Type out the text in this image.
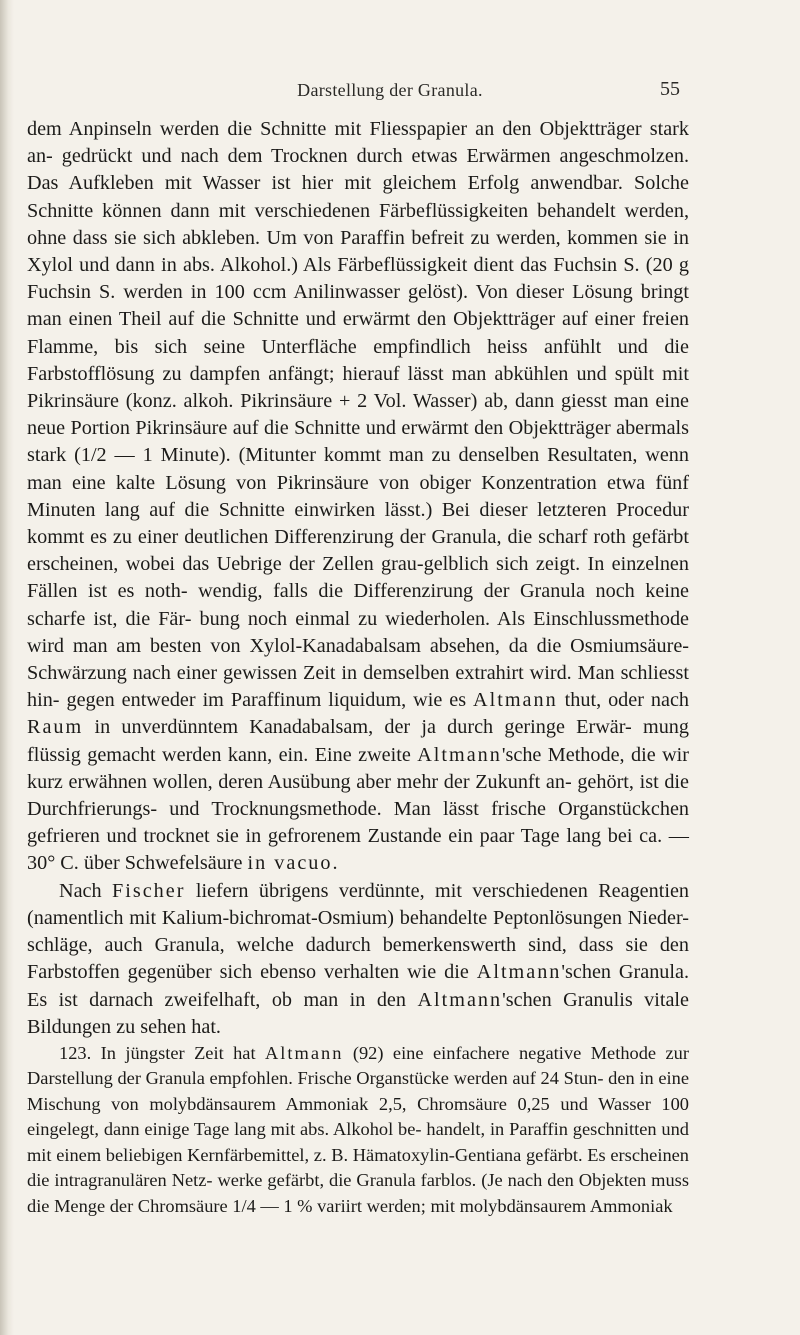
Darstellung der Granula.	55

dem Anpinseln werden die Schnitte mit Fliesspapier an den Objektträger stark an- gedrückt und nach dem Trocknen durch etwas Erwärmen angeschmolzen. Das Aufkleben mit Wasser ist hier mit gleichem Erfolg anwendbar. Solche Schnitte können dann mit verschiedenen Färbeflüssigkeiten behandelt werden, ohne dass sie sich abkleben. Um von Paraffin befreit zu werden, kommen sie in Xylol und dann in abs. Alkohol.) Als Färbeflüssigkeit dient das Fuchsin S. (20 g Fuchsin S. werden in 100 ccm Anilinwasser gelöst). Von dieser Lösung bringt man einen Theil auf die Schnitte und erwärmt den Objektträger auf einer freien Flamme, bis sich seine Unterfläche empfindlich heiss anfühlt und die Farbstofflösung zu dampfen anfängt; hierauf lässt man abkühlen und spült mit Pikrinsäure (konz. alkoh. Pikrinsäure + 2 Vol. Wasser) ab, dann giesst man eine neue Portion Pikrinsäure auf die Schnitte und erwärmt den Objektträger abermals stark (1/2 — 1 Minute). (Mitunter kommt man zu denselben Resultaten, wenn man eine kalte Lösung von Pikrinsäure von obiger Konzentration etwa fünf Minuten lang auf die Schnitte einwirken lässt.) Bei dieser letzteren Procedur kommt es zu einer deutlichen Differenzirung der Granula, die scharf roth gefärbt erscheinen, wobei das Uebrige der Zellen grau-gelblich sich zeigt. In einzelnen Fällen ist es noth- wendig, falls die Differenzirung der Granula noch keine scharfe ist, die Fär- bung noch einmal zu wiederholen. Als Einschlussmethode wird man am besten von Xylol-Kanadabalsam absehen, da die Osmiumsäure-Schwärzung nach einer gewissen Zeit in demselben extrahirt wird. Man schliesst hin- gegen entweder im Paraffinum liquidum, wie es Altmann thut, oder nach Raum in unverdünntem Kanadabalsam, der ja durch geringe Erwär- mung flüssig gemacht werden kann, ein. Eine zweite Altmann'sche Methode, die wir kurz erwähnen wollen, deren Ausübung aber mehr der Zukunft an- gehört, ist die Durchfrierungs- und Trocknungsmethode. Man lässt frische Organstückchen gefrieren und trocknet sie in gefrorenem Zustande ein paar Tage lang bei ca. —30° C. über Schwefelsäure in vacuo.

Nach Fischer liefern übrigens verdünnte, mit verschiedenen Reagentien (namentlich mit Kalium-bichromat-Osmium) behandelte Peptonlösungen Nieder- schläge, auch Granula, welche dadurch bemerkenswerth sind, dass sie den Farbstoffen gegenüber sich ebenso verhalten wie die Altmann'schen Granula. Es ist darnach zweifelhaft, ob man in den Altmann'schen Granulis vitale Bildungen zu sehen hat.

123. In jüngster Zeit hat Altmann (92) eine einfachere negative Methode zur Darstellung der Granula empfohlen. Frische Organstücke werden auf 24 Stun- den in eine Mischung von molybdänsaurem Ammoniak 2,5, Chromsäure 0,25 und Wasser 100 eingelegt, dann einige Tage lang mit abs. Alkohol be- handelt, in Paraffin geschnitten und mit einem beliebigen Kernfärbemittel, z. B. Hämatoxylin-Gentiana gefärbt. Es erscheinen die intragranulären Netz- werke gefärbt, die Granula farblos. (Je nach den Objekten muss die Menge der Chromsäure 1/4 — 1 % variirt werden; mit molybdänsaurem Ammoniak
